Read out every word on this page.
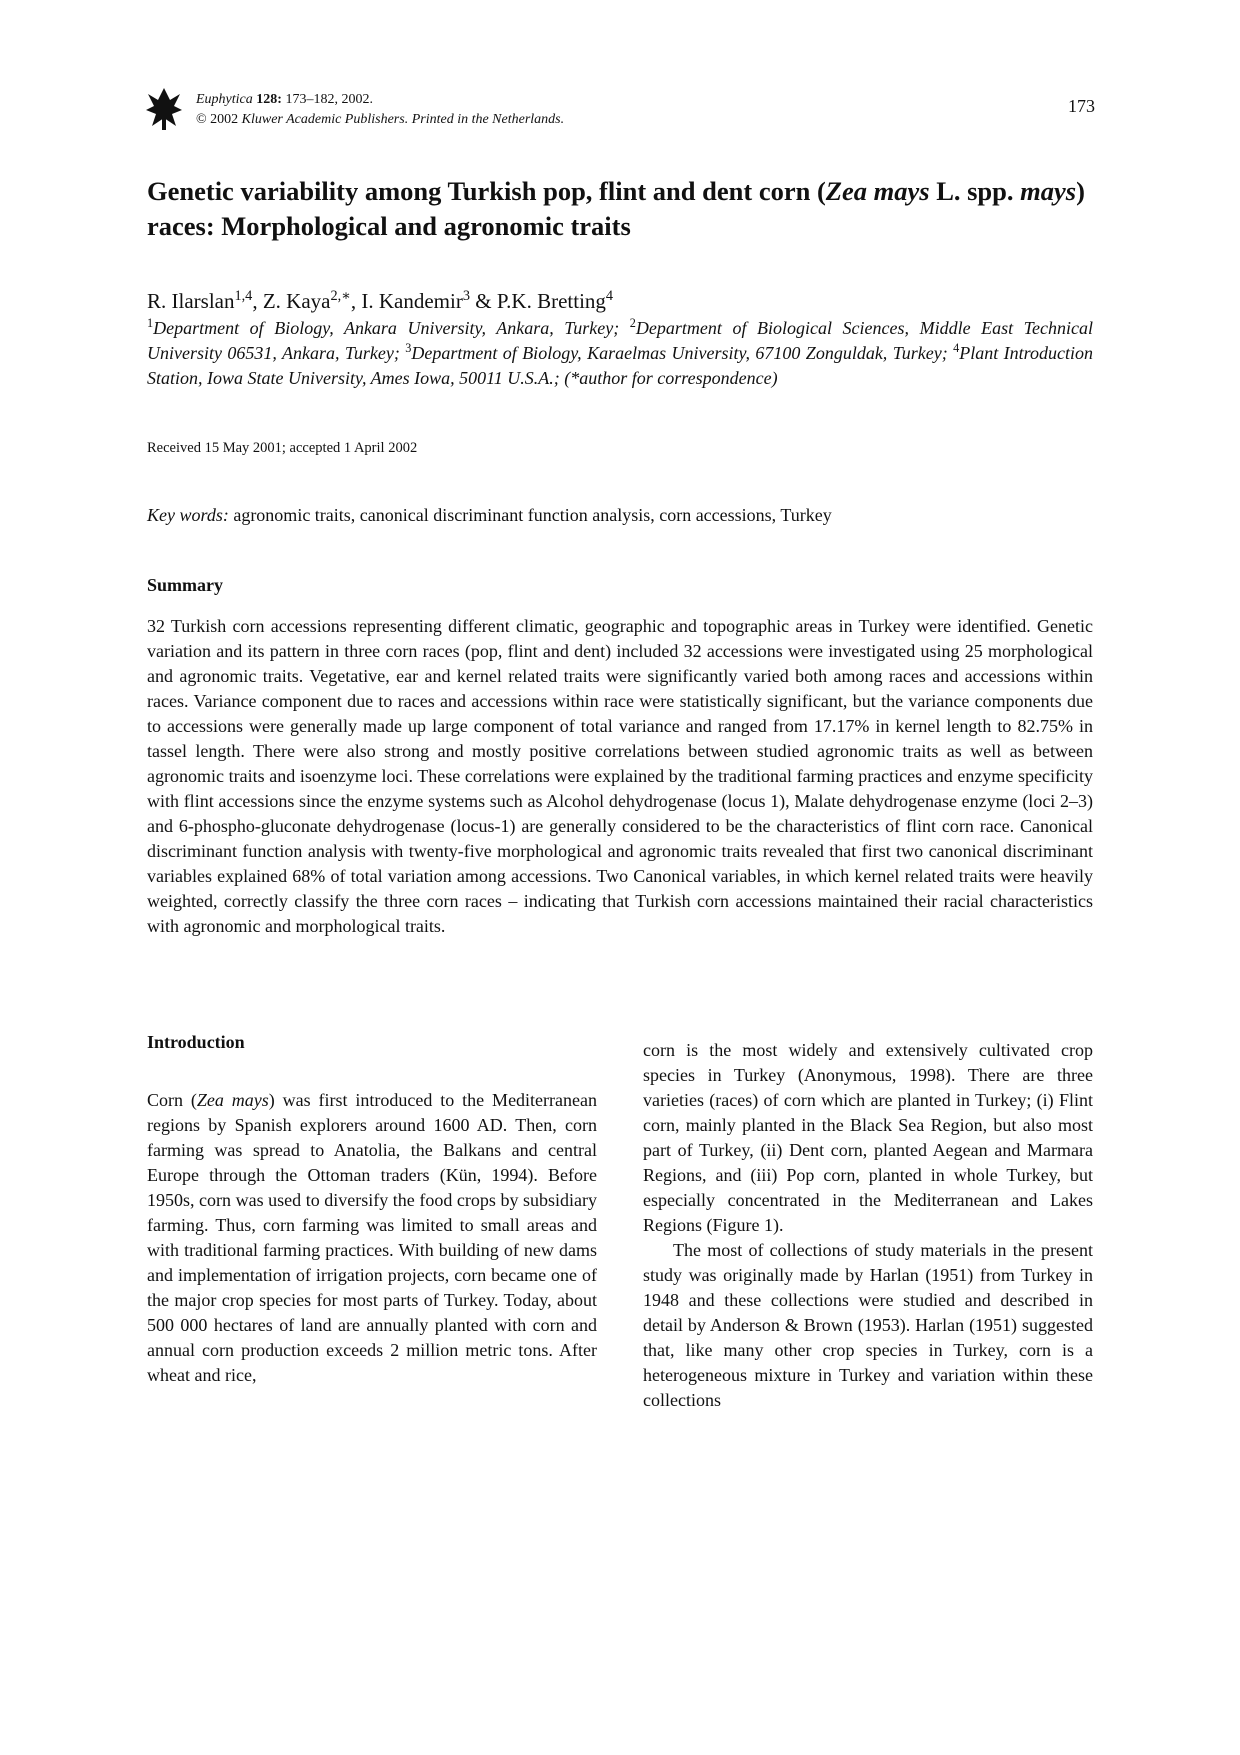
Euphytica 128: 173–182, 2002.
© 2002 Kluwer Academic Publishers. Printed in the Netherlands.
173
Genetic variability among Turkish pop, flint and dent corn (Zea mays L. spp. mays) races: Morphological and agronomic traits
R. Ilarslan$^{1,4}$, Z. Kaya$^{2,∗}$, I. Kandemir$^3$ & P.K. Bretting$^4$
$^1$Department of Biology, Ankara University, Ankara, Turkey; $^2$Department of Biological Sciences, Middle East Technical University 06531, Ankara, Turkey; $^3$Department of Biology, Karaelmas University, 67100 Zonguldak, Turkey; $^4$Plant Introduction Station, Iowa State University, Ames Iowa, 50011 U.S.A.; (*author for correspondence)
Received 15 May 2001; accepted 1 April 2002
Key words: agronomic traits, canonical discriminant function analysis, corn accessions, Turkey
Summary

32 Turkish corn accessions representing different climatic, geographic and topographic areas in Turkey were identified. Genetic variation and its pattern in three corn races (pop, flint and dent) included 32 accessions were investigated using 25 morphological and agronomic traits. Vegetative, ear and kernel related traits were significantly varied both among races and accessions within races. Variance component due to races and accessions within race were statistically significant, but the variance components due to accessions were generally made up large component of total variance and ranged from 17.17% in kernel length to 82.75% in tassel length. There were also strong and mostly positive correlations between studied agronomic traits as well as between agronomic traits and isoenzyme loci. These correlations were explained by the traditional farming practices and enzyme specificity with flint accessions since the enzyme systems such as Alcohol dehydrogenase (locus 1), Malate dehydrogenase enzyme (loci 2–3) and 6-phospho-gluconate dehydrogenase (locus-1) are generally considered to be the characteristics of flint corn race. Canonical discriminant function analysis with twenty-five morphological and agronomic traits revealed that first two canonical discriminant variables explained 68% of total variation among accessions. Two Canonical variables, in which kernel related traits were heavily weighted, correctly classify the three corn races – indicating that Turkish corn accessions maintained their racial characteristics with agronomic and morphological traits.

Introduction

Corn (Zea mays) was first introduced to the Mediterranean regions by Spanish explorers around 1600 AD. Then, corn farming was spread to Anatolia, the Balkans and central Europe through the Ottoman traders (Kün, 1994). Before 1950s, corn was used to diversify the food crops by subsidiary farming. Thus, corn farming was limited to small areas and with traditional farming practices. With building of new dams and implementation of irrigation projects, corn became one of the major crop species for most parts of Turkey. Today, about 500 000 hectares of land are annually planted with corn and annual corn production exceeds 2 million metric tons. After wheat and rice,

corn is the most widely and extensively cultivated crop species in Turkey (Anonymous, 1998). There are three varieties (races) of corn which are planted in Turkey; (i) Flint corn, mainly planted in the Black Sea Region, but also most part of Turkey, (ii) Dent corn, planted Aegean and Marmara Regions, and (iii) Pop corn, planted in whole Turkey, but especially concentrated in the Mediterranean and Lakes Regions (Figure 1).

The most of collections of study materials in the present study was originally made by Harlan (1951) from Turkey in 1948 and these collections were studied and described in detail by Anderson & Brown (1953). Harlan (1951) suggested that, like many other crop species in Turkey, corn is a heterogeneous mixture in Turkey and variation within these collections
